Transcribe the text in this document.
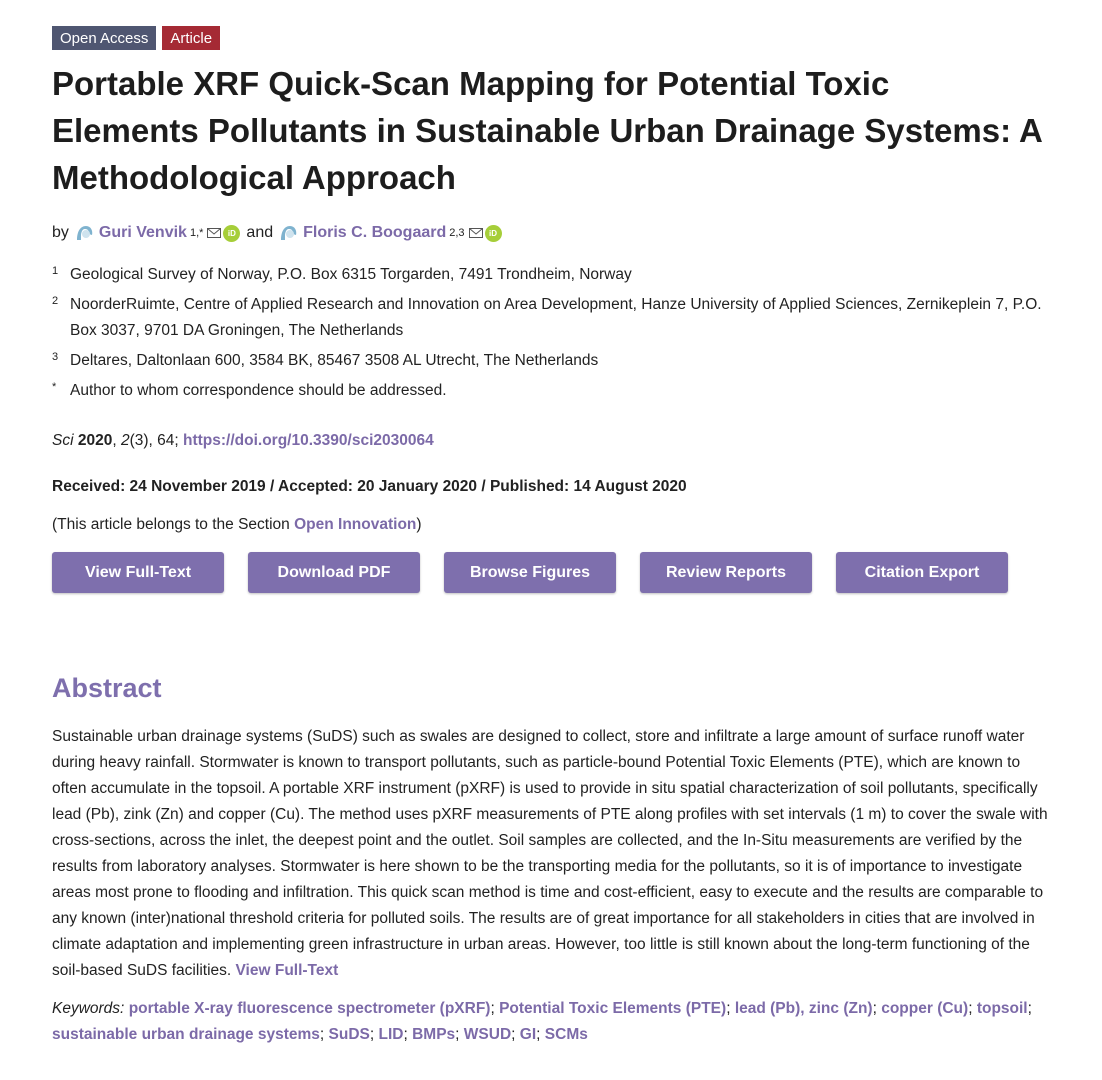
Open Access	Article
Portable XRF Quick-Scan Mapping for Potential Toxic Elements Pollutants in Sustainable Urban Drainage Systems: A Methodological Approach
by Guri Venvik 1,*	iD and Floris C. Boogaard 2,3	iD
1 Geological Survey of Norway, P.O. Box 6315 Torgarden, 7491 Trondheim, Norway
2 NoorderRuimte, Centre of Applied Research and Innovation on Area Development, Hanze University of Applied Sciences, Zernikeplein 7, P.O. Box 3037, 9701 DA Groningen, The Netherlands
3 Deltares, Daltonlaan 600, 3584 BK, 85467 3508 AL Utrecht, The Netherlands
* Author to whom correspondence should be addressed.
Sci 2020, 2(3), 64; https://doi.org/10.3390/sci2030064
Received: 24 November 2019 / Accepted: 20 January 2020 / Published: 14 August 2020
(This article belongs to the Section Open Innovation)
View Full-Text	Download PDF	Browse Figures	Review Reports	Citation Export
Abstract
Sustainable urban drainage systems (SuDS) such as swales are designed to collect, store and infiltrate a large amount of surface runoff water during heavy rainfall. Stormwater is known to transport pollutants, such as particle-bound Potential Toxic Elements (PTE), which are known to often accumulate in the topsoil. A portable XRF instrument (pXRF) is used to provide in situ spatial characterization of soil pollutants, specifically lead (Pb), zink (Zn) and copper (Cu). The method uses pXRF measurements of PTE along profiles with set intervals (1 m) to cover the swale with cross-sections, across the inlet, the deepest point and the outlet. Soil samples are collected, and the In-Situ measurements are verified by the results from laboratory analyses. Stormwater is here shown to be the transporting media for the pollutants, so it is of importance to investigate areas most prone to flooding and infiltration. This quick scan method is time and cost-efficient, easy to execute and the results are comparable to any known (inter)national threshold criteria for polluted soils. The results are of great importance for all stakeholders in cities that are involved in climate adaptation and implementing green infrastructure in urban areas. However, too little is still known about the long-term functioning of the soil-based SuDS facilities. View Full-Text
Keywords: portable X-ray fluorescence spectrometer (pXRF); Potential Toxic Elements (PTE); lead (Pb), zinc (Zn); copper (Cu); topsoil; sustainable urban drainage systems; SuDS; LID; BMPs; WSUD; GI; SCMs
